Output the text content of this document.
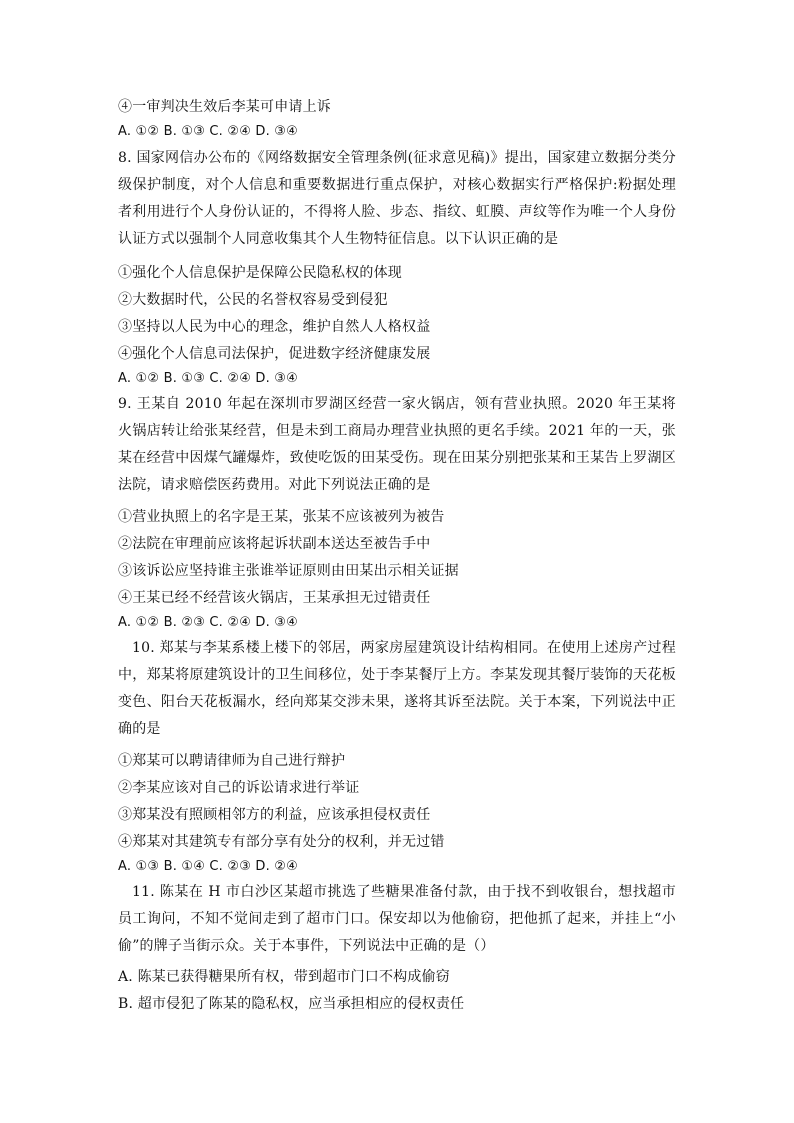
④一审判决生效后李某可申请上诉
A. ①② B. ①③ C. ②④ D. ③④
8. 国家网信办公布的《网络数据安全管理条例(征求意见稿)》提出，国家建立数据分类分级保护制度，对个人信息和重要数据进行重点保护，对核心数据实行严格保护:粉据处理者利用进行个人身份认证的，不得将人脸、步态、指纹、虹膜、声纹等作为唯一个人身份认证方式以强制个人同意收集其个人生物特征信息。以下认识正确的是
①强化个人信息保护是保障公民隐私权的体现
②大数据时代，公民的名誉权容易受到侵犯
③坚持以人民为中心的理念，维护自然人人格权益
④强化个人信息司法保护，促进数字经济健康发展
A. ①② B. ①③ C. ②④ D. ③④
9. 王某自 2010 年起在深圳市罗湖区经营一家火锅店，领有营业执照。2020 年王某将火锅店转让给张某经营，但是未到工商局办理营业执照的更名手续。2021 年的一天，张某在经营中因煤气罐爆炸，致使吃饭的田某受伤。现在田某分别把张某和王某告上罗湖区法院，请求赔偿医药费用。对此下列说法正确的是
①营业执照上的名字是王某，张某不应该被列为被告
②法院在审理前应该将起诉状副本送达至被告手中
③该诉讼应坚持谁主张谁举证原则由田某出示相关证据
④王某已经不经营该火锅店，王某承担无过错责任
A. ①② B. ②③ C. ②④ D. ③④
10. 郑某与李某系楼上楼下的邻居，两家房屋建筑设计结构相同。在使用上述房产过程中，郑某将原建筑设计的卫生间移位，处于李某餐厅上方。李某发现其餐厅装饰的天花板变色、阳台天花板漏水，经向郑某交涉未果，遂将其诉至法院。关于本案，下列说法中正确的是
①郑某可以聘请律师为自己进行辩护
②李某应该对自己的诉讼请求进行举证
③郑某没有照顾相邻方的利益，应该承担侵权责任
④郑某对其建筑专有部分享有处分的权利，并无过错
A. ①③ B. ①④ C. ②③ D. ②④
11. 陈某在 H 市白沙区某超市挑选了些糖果准备付款，由于找不到收银台，想找超市员工询问，不知不觉间走到了超市门口。保安却以为他偷窃，把他抓了起来，并挂上“小偷”的牌子当街示众。关于本事件，下列说法中正确的是（）
A. 陈某已获得糖果所有权，带到超市门口不构成偷窃
B. 超市侵犯了陈某的隐私权，应当承担相应的侵权责任
